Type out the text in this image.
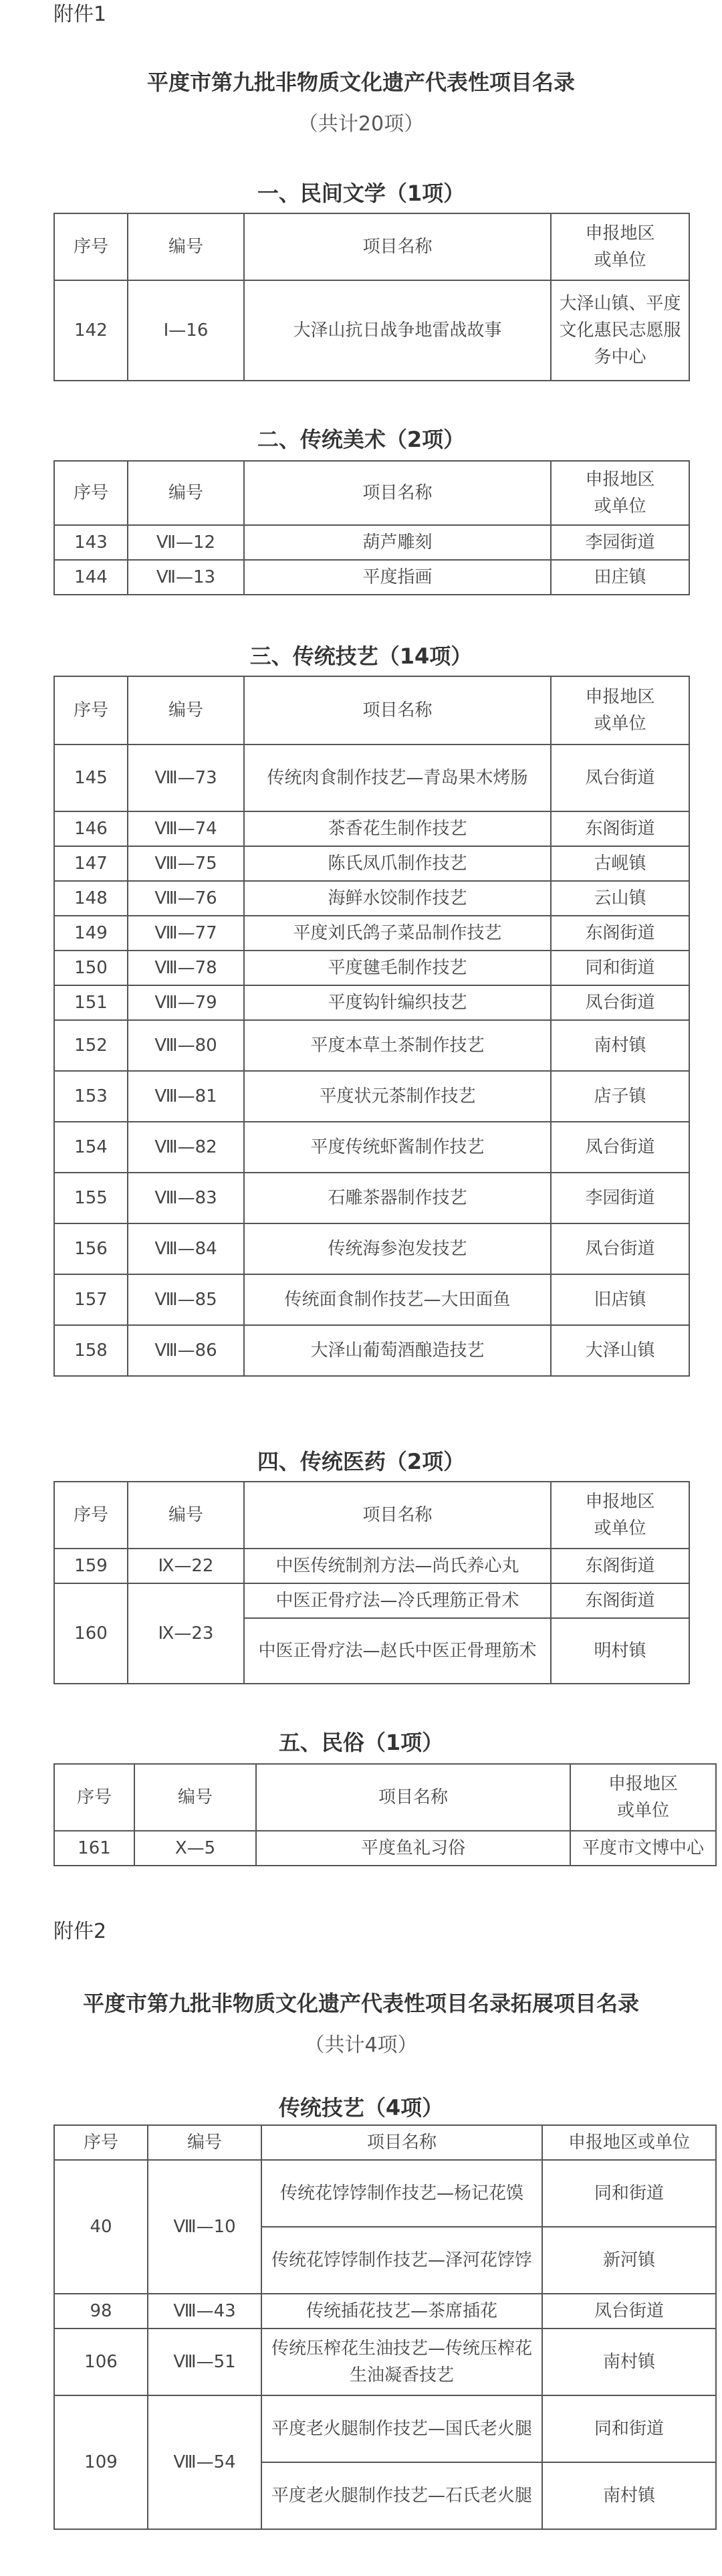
附件1
平度市第九批非物质文化遗产代表性项目名录
（共计20项）
一、民间文学（1项）
序号	编号	项目名称	申报地区
或单位
142	Ⅰ—16	大泽山抗日战争地雷战故事	大泽山镇、平度文化惠民志愿服务中心
二、传统美术（2项）
序号	编号	项目名称	申报地区
或单位
143	Ⅶ—12	葫芦雕刻	李园街道
144	Ⅶ—13	平度指画	田庄镇
三、传统技艺（14项）
序号	编号	项目名称	申报地区
或单位
145	Ⅷ—73	传统肉食制作技艺—青岛果木烤肠	凤台街道
146	Ⅷ—74	茶香花生制作技艺	东阁街道
147	Ⅷ—75	陈氏凤爪制作技艺	古岘镇
148	Ⅷ—76	海鲜水饺制作技艺	云山镇
149	Ⅷ—77	平度刘氏鸽子菜品制作技艺	东阁街道
150	Ⅷ—78	平度毽毛制作技艺	同和街道
151	Ⅷ—79	平度钩针编织技艺	凤台街道
152	Ⅷ—80	平度本草土茶制作技艺	南村镇
153	Ⅷ—81	平度状元茶制作技艺	店子镇
154	Ⅷ—82	平度传统虾酱制作技艺	凤台街道
155	Ⅷ—83	石雕茶器制作技艺	李园街道
156	Ⅷ—84	传统海参泡发技艺	凤台街道
157	Ⅷ—85	传统面食制作技艺—大田面鱼	旧店镇
158	Ⅷ—86	大泽山葡萄酒酿造技艺	大泽山镇
四、传统医药（2项）
序号	编号	项目名称	申报地区
或单位
159	Ⅸ—22	中医传统制剂方法—尚氏养心丸	东阁街道
160	Ⅸ—23	中医正骨疗法—冷氏理筋正骨术	东阁街道
		中医正骨疗法—赵氏中医正骨理筋术	明村镇
五、民俗（1项）
序号	编号	项目名称	申报地区
或单位
161	Ⅹ—5	平度鱼礼习俗	平度市文博中心
附件2
平度市第九批非物质文化遗产代表性项目名录拓展项目名录
（共计4项）
传统技艺（4项）
序号	编号	项目名称	申报地区或单位
40	Ⅷ—10	传统花饽饽制作技艺—杨记花馍	同和街道
		传统花饽饽制作技艺—泽河花饽饽	新河镇
98	Ⅷ—43	传统插花技艺—茶席插花	凤台街道
106	Ⅷ—51	传统压榨花生油技艺—传统压榨花生油凝香技艺	南村镇
109	Ⅷ—54	平度老火腿制作技艺—国氏老火腿	同和街道
		平度老火腿制作技艺—石氏老火腿	南村镇
